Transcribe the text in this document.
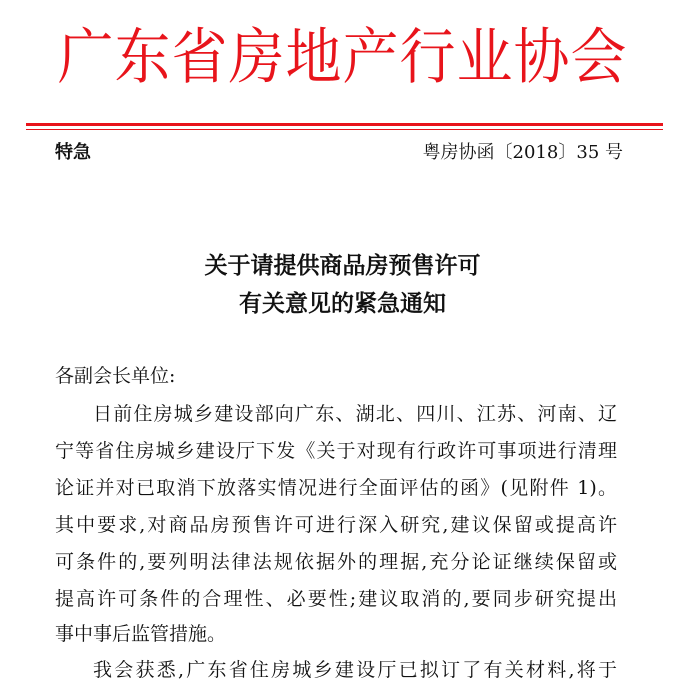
广东省房地产行业协会
特急	粤房协函〔2018〕35 号
关于请提供商品房预售许可
有关意见的紧急通知
各副会长单位:
日前住房城乡建设部向广东、湖北、四川、江苏、河南、辽
宁等省住房城乡建设厅下发《关于对现有行政许可事项进行清理
论证并对已取消下放落实情况进行全面评估的函》(见附件 1)。
其中要求,对商品房预售许可进行深入研究,建议保留或提高许
可条件的,要列明法律法规依据外的理据,充分论证继续保留或
提高许可条件的合理性、必要性;建议取消的,要同步研究提出
事中事后监管措施。
我会获悉,广东省住房城乡建设厅已拟订了有关材料,将于
